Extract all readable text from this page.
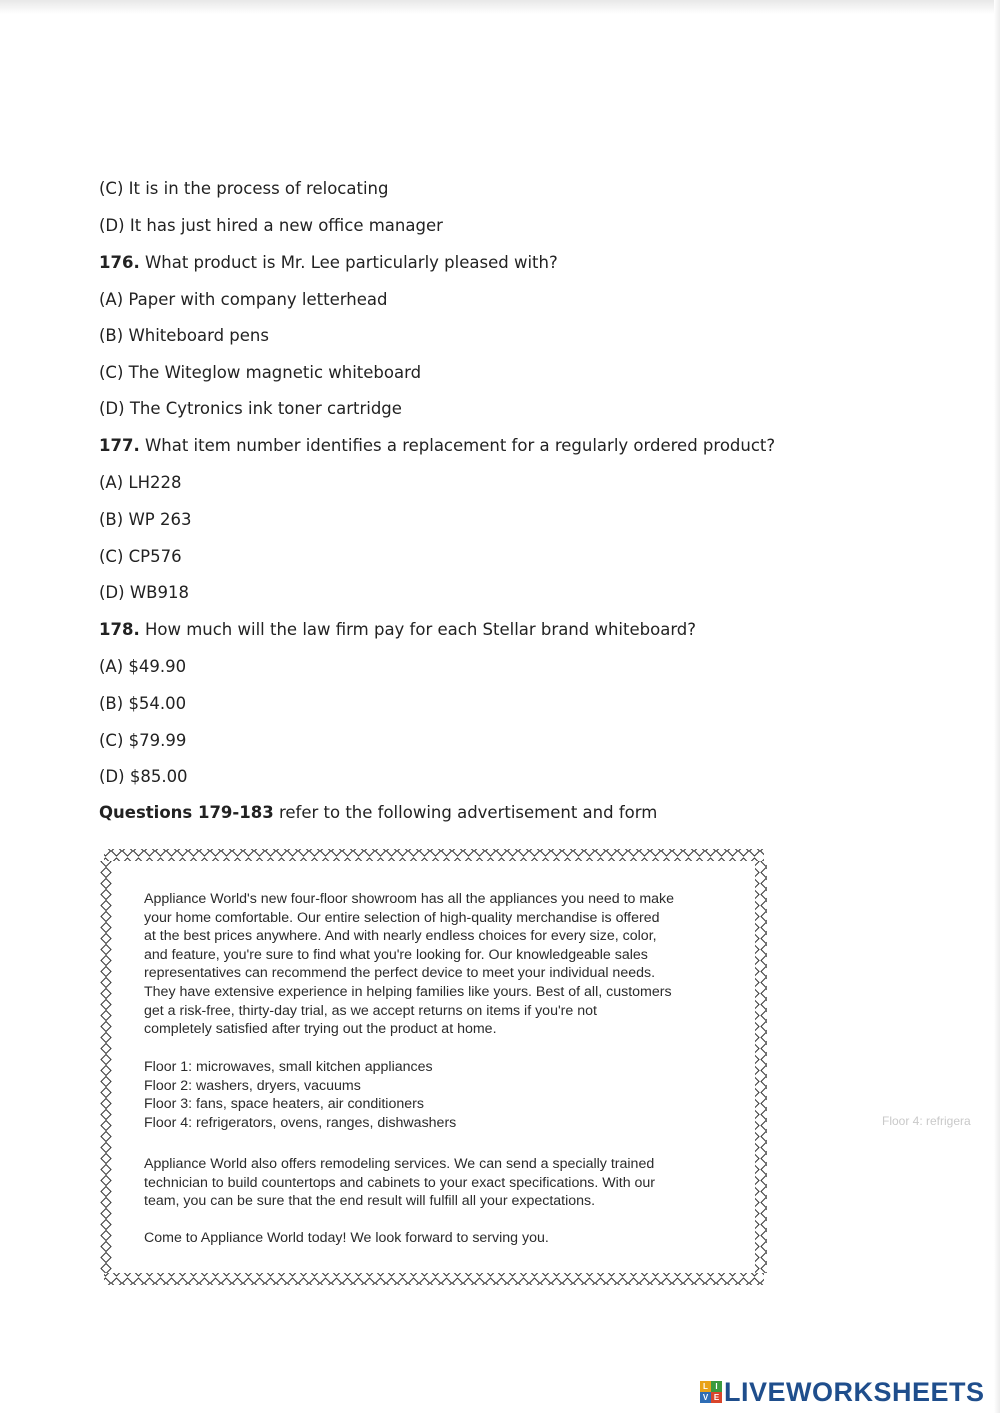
(C) It is in the process of relocating
(D) It has just hired a new office manager
176. What product is Mr. Lee particularly pleased with?
(A) Paper with company letterhead
(B) Whiteboard pens
(C) The Witeglow magnetic whiteboard
(D) The Cytronics ink toner cartridge
177. What item number identifies a replacement for a regularly ordered product?
(A) LH228
(B) WP 263
(C) CP576
(D) WB918
178. How much will the law firm pay for each Stellar brand whiteboard?
(A) $49.90
(B) $54.00
(C) $79.99
(D) $85.00
Questions 179-183 refer to the following advertisement and form
Appliance World's new four-floor showroom has all the appliances you need to make
your home comfortable. Our entire selection of high-quality merchandise is offered
at the best prices anywhere. And with nearly endless choices for every size, color,
and feature, you're sure to find what you're looking for. Our knowledgeable sales
representatives can recommend the perfect device to meet your individual needs.
They have extensive experience in helping families like yours. Best of all, customers
get a risk-free, thirty-day trial, as we accept returns on items if you're not
completely satisfied after trying out the product at home.
Floor 1: microwaves, small kitchen appliances
Floor 2: washers, dryers, vacuums
Floor 3: fans, space heaters, air conditioners
Floor 4: refrigerators, ovens, ranges, dishwashers
Appliance World also offers remodeling services. We can send a specially trained
technician to build countertops and cabinets to your exact specifications. With our
team, you can be sure that the end result will fulfill all your expectations.
Come to Appliance World today! We look forward to serving you.
Floor 4: refrigera
L I
V E LIVEWORKSHEETS
